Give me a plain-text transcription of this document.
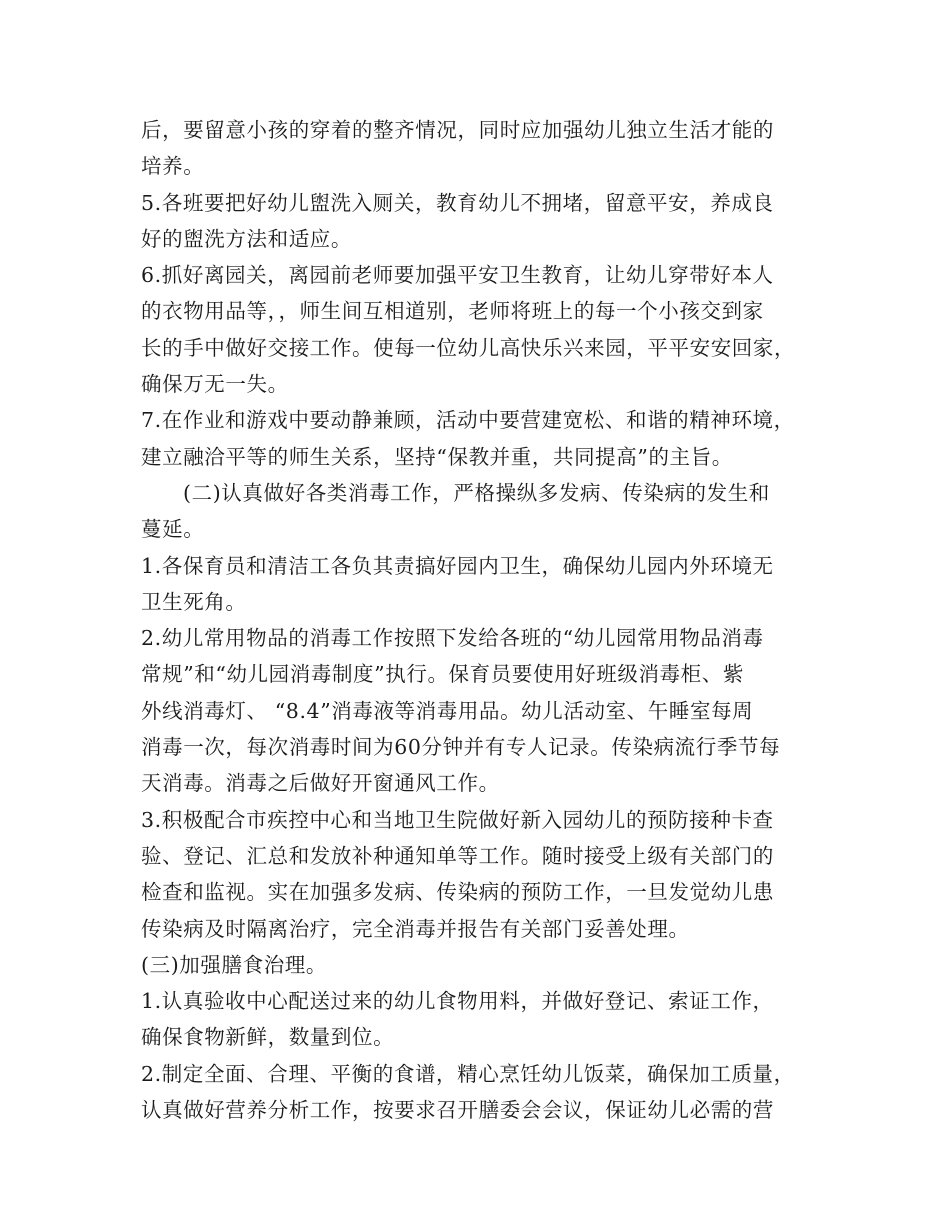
后，要留意小孩的穿着的整齐情况，同时应加强幼儿独立生活才能的
培养。
5.各班要把好幼儿盥洗入厕关，教育幼儿不拥堵，留意平安，养成良
好的盥洗方法和适应。
6.抓好离园关，离园前老师要加强平安卫生教育，让幼儿穿带好本人
的衣物用品等，，师生间互相道别，老师将班上的每一个小孩交到家
长的手中做好交接工作。使每一位幼儿高快乐兴来园，平平安安回家，
确保万无一失。
7.在作业和游戏中要动静兼顾，活动中要营建宽松、和谐的精神环境，
建立融洽平等的师生关系，坚持“保教并重，共同提高”的主旨。
(二)认真做好各类消毒工作，严格操纵多发病、传染病的发生和
蔓延。
1.各保育员和清洁工各负其责搞好园内卫生，确保幼儿园内外环境无
卫生死角。
2.幼儿常用物品的消毒工作按照下发给各班的“幼儿园常用物品消毒
常规”和“幼儿园消毒制度”执行。保育员要使用好班级消毒柜、紫
外线消毒灯、 “8.4”消毒液等消毒用品。幼儿活动室、午睡室每周
消毒一次，每次消毒时间为60分钟并有专人记录。传染病流行季节每
天消毒。消毒之后做好开窗通风工作。
3.积极配合市疾控中心和当地卫生院做好新入园幼儿的预防接种卡查
验、登记、汇总和发放补种通知单等工作。随时接受上级有关部门的
检查和监视。实在加强多发病、传染病的预防工作，一旦发觉幼儿患
传染病及时隔离治疗，完全消毒并报告有关部门妥善处理。
(三)加强膳食治理。
1.认真验收中心配送过来的幼儿食物用料，并做好登记、索证工作，
确保食物新鲜，数量到位。
2.制定全面、合理、平衡的食谱，精心烹饪幼儿饭菜，确保加工质量，
认真做好营养分析工作，按要求召开膳委会会议，保证幼儿必需的营
